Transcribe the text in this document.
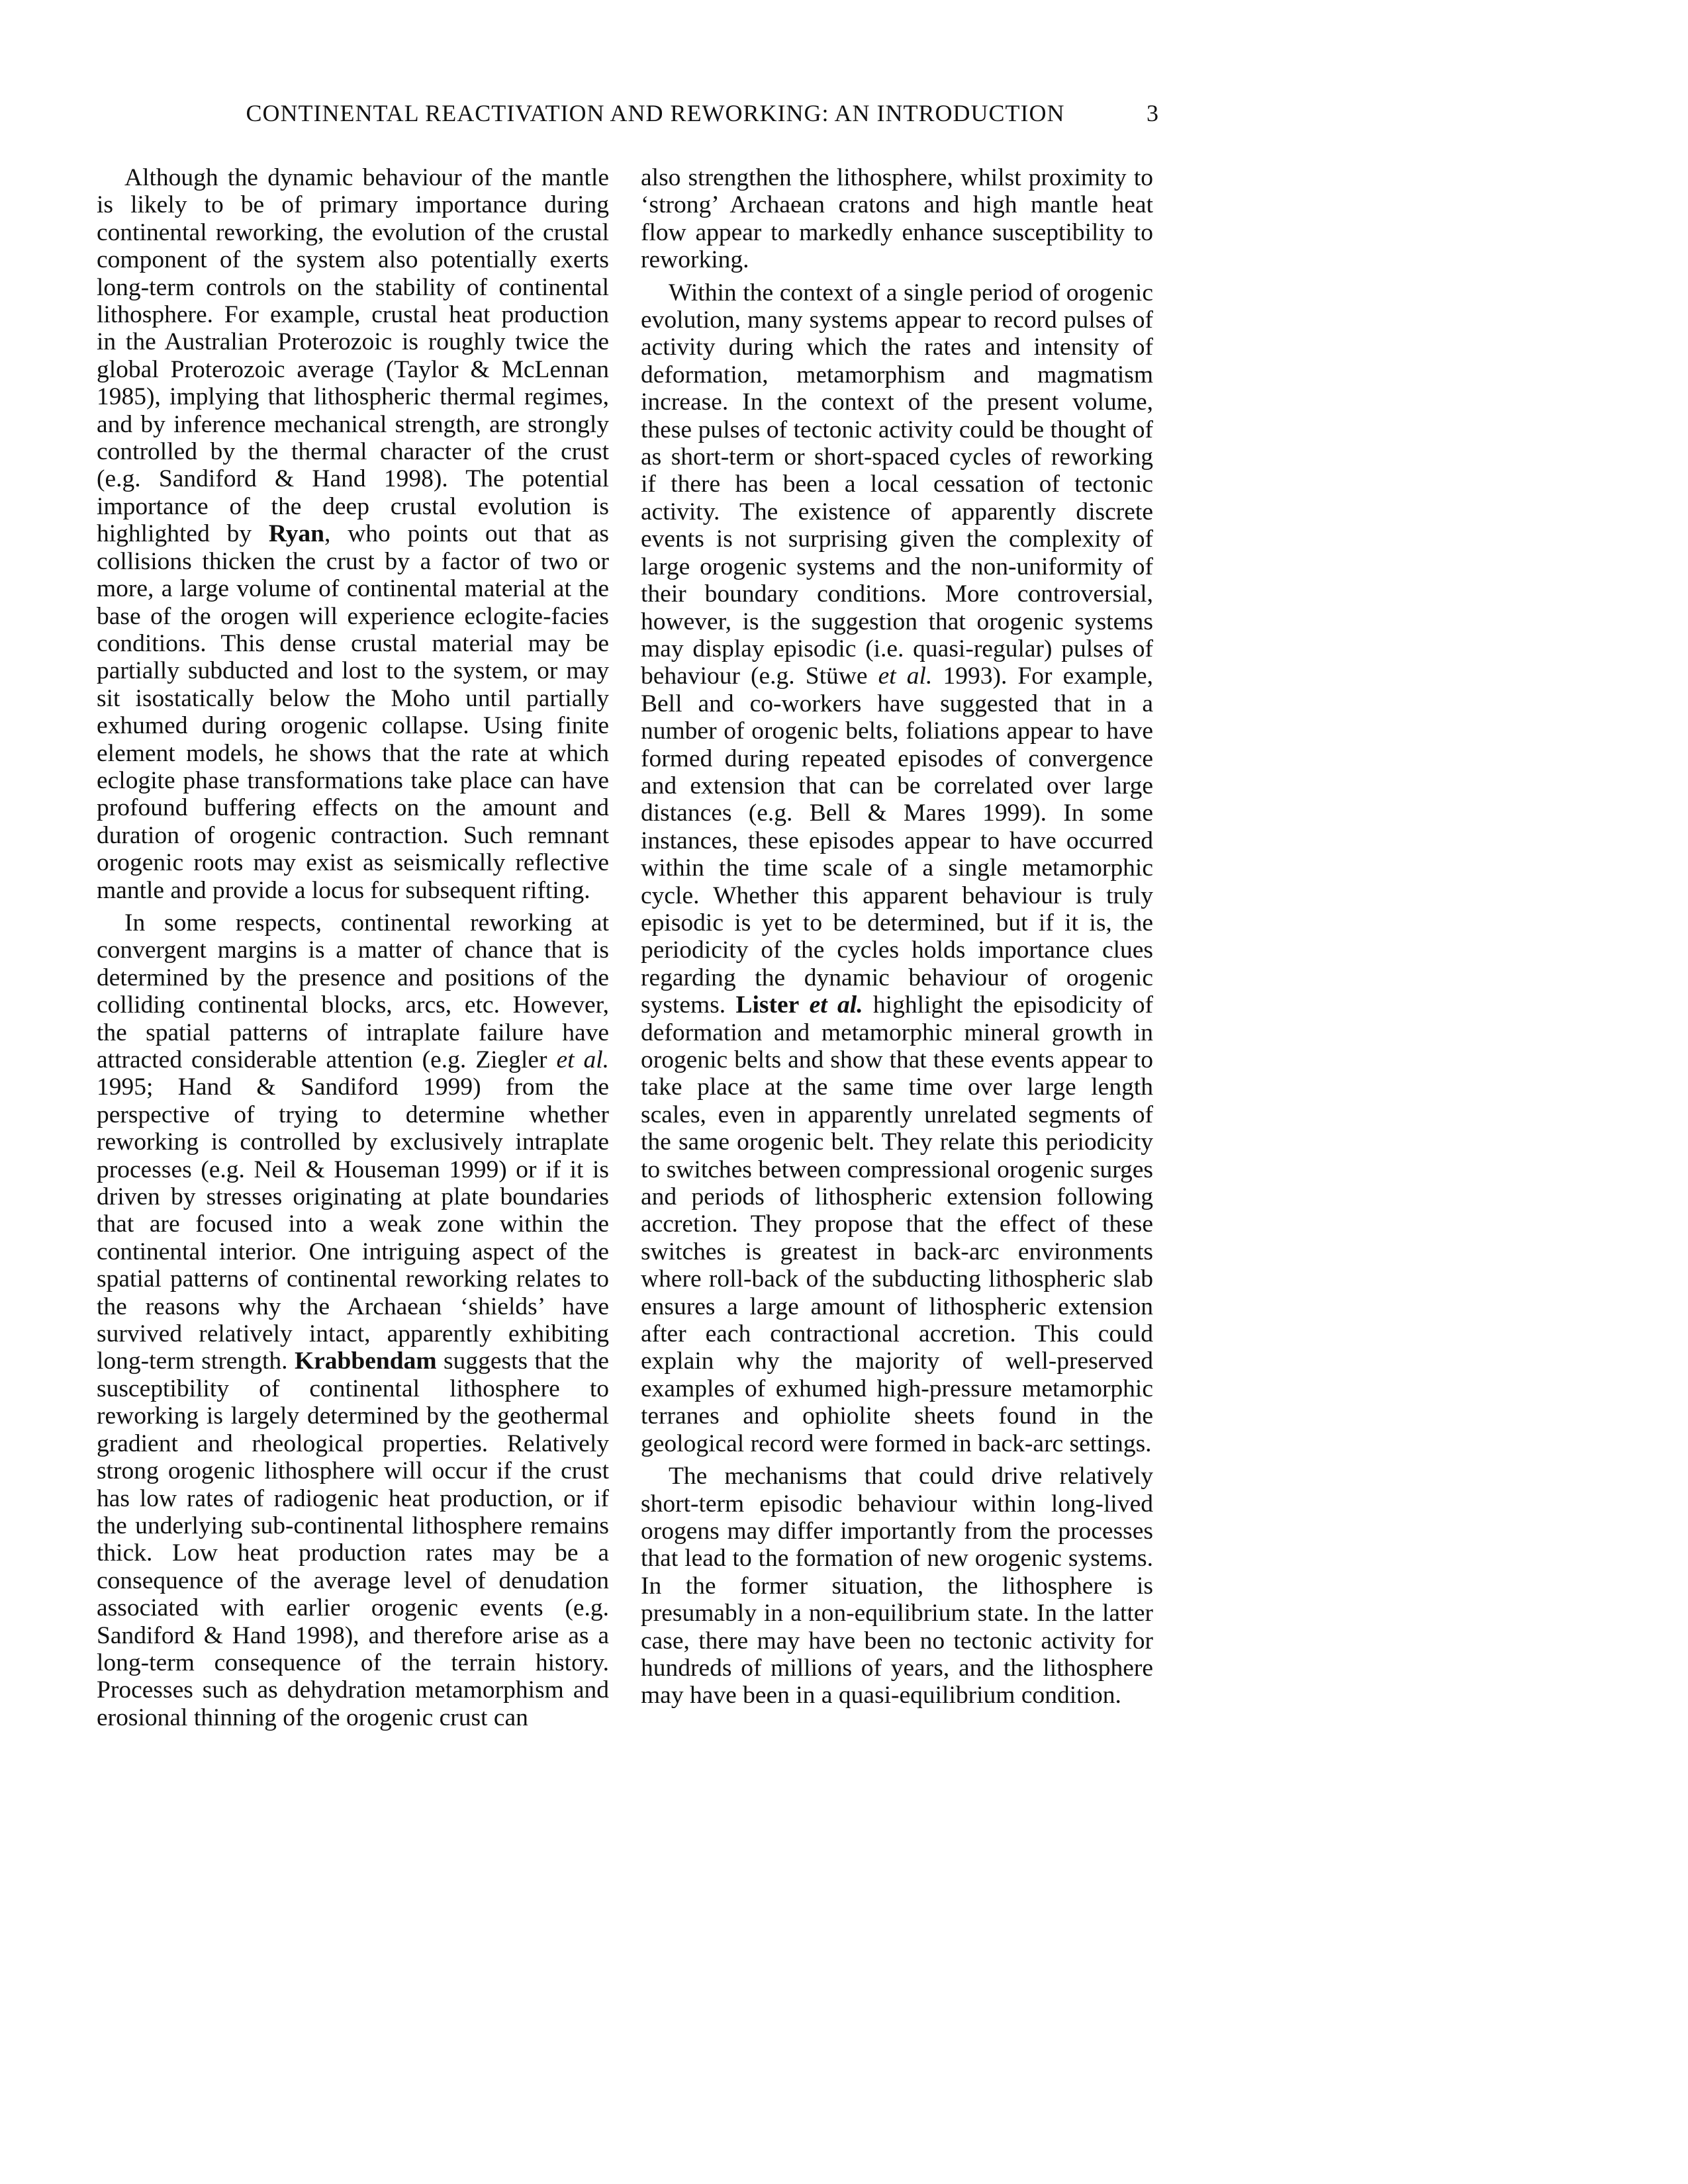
CONTINENTAL REACTIVATION AND REWORKING: AN INTRODUCTION	3

Although the dynamic behaviour of the mantle is likely to be of primary importance during continental reworking, the evolution of the crustal component of the system also potentially exerts long-term controls on the stability of continental lithosphere. For example, crustal heat production in the Australian Proterozoic is roughly twice the global Proterozoic average (Taylor & McLennan 1985), implying that lithospheric thermal regimes, and by inference mechanical strength, are strongly controlled by the thermal character of the crust (e.g. Sandiford & Hand 1998). The potential importance of the deep crustal evolution is highlighted by Ryan, who points out that as collisions thicken the crust by a factor of two or more, a large volume of continental material at the base of the orogen will experience eclogite-facies conditions. This dense crustal material may be partially subducted and lost to the system, or may sit isostatically below the Moho until partially exhumed during orogenic collapse. Using finite element models, he shows that the rate at which eclogite phase transformations take place can have profound buffering effects on the amount and duration of orogenic contraction. Such remnant orogenic roots may exist as seismically reflective mantle and provide a locus for subsequent rifting.

In some respects, continental reworking at convergent margins is a matter of chance that is determined by the presence and positions of the colliding continental blocks, arcs, etc. However, the spatial patterns of intraplate failure have attracted considerable attention (e.g. Ziegler et al. 1995; Hand & Sandiford 1999) from the perspective of trying to determine whether reworking is controlled by exclusively intraplate processes (e.g. Neil & Houseman 1999) or if it is driven by stresses originating at plate boundaries that are focused into a weak zone within the continental interior. One intriguing aspect of the spatial patterns of continental reworking relates to the reasons why the Archaean ‘shields’ have survived relatively intact, apparently exhibiting long-term strength. Krabbendam suggests that the susceptibility of continental lithosphere to reworking is largely determined by the geothermal gradient and rheological properties. Relatively strong orogenic lithosphere will occur if the crust has low rates of radiogenic heat production, or if the underlying sub-continental lithosphere remains thick. Low heat production rates may be a consequence of the average level of denudation associated with earlier orogenic events (e.g. Sandiford & Hand 1998), and therefore arise as a long-term consequence of the terrain history. Processes such as dehydration metamorphism and erosional thinning of the orogenic crust can

also strengthen the lithosphere, whilst proximity to ‘strong’ Archaean cratons and high mantle heat flow appear to markedly enhance susceptibility to reworking.

Within the context of a single period of orogenic evolution, many systems appear to record pulses of activity during which the rates and intensity of deformation, metamorphism and magmatism increase. In the context of the present volume, these pulses of tectonic activity could be thought of as short-term or short-spaced cycles of reworking if there has been a local cessation of tectonic activity. The existence of apparently discrete events is not surprising given the complexity of large orogenic systems and the non-uniformity of their boundary conditions. More controversial, however, is the suggestion that orogenic systems may display episodic (i.e. quasi-regular) pulses of behaviour (e.g. Stüwe et al. 1993). For example, Bell and co-workers have suggested that in a number of orogenic belts, foliations appear to have formed during repeated episodes of convergence and extension that can be correlated over large distances (e.g. Bell & Mares 1999). In some instances, these episodes appear to have occurred within the time scale of a single metamorphic cycle. Whether this apparent behaviour is truly episodic is yet to be determined, but if it is, the periodicity of the cycles holds importance clues regarding the dynamic behaviour of orogenic systems. Lister et al. highlight the episodicity of deformation and metamorphic mineral growth in orogenic belts and show that these events appear to take place at the same time over large length scales, even in apparently unrelated segments of the same orogenic belt. They relate this periodicity to switches between compressional orogenic surges and periods of lithospheric extension following accretion. They propose that the effect of these switches is greatest in back-arc environments where roll-back of the subducting lithospheric slab ensures a large amount of lithospheric extension after each contractional accretion. This could explain why the majority of well-preserved examples of exhumed high-pressure metamorphic terranes and ophiolite sheets found in the geological record were formed in back-arc settings.

The mechanisms that could drive relatively short-term episodic behaviour within long-lived orogens may differ importantly from the processes that lead to the formation of new orogenic systems. In the former situation, the lithosphere is presumably in a non-equilibrium state. In the latter case, there may have been no tectonic activity for hundreds of millions of years, and the lithosphere may have been in a quasi-equilibrium condition.
